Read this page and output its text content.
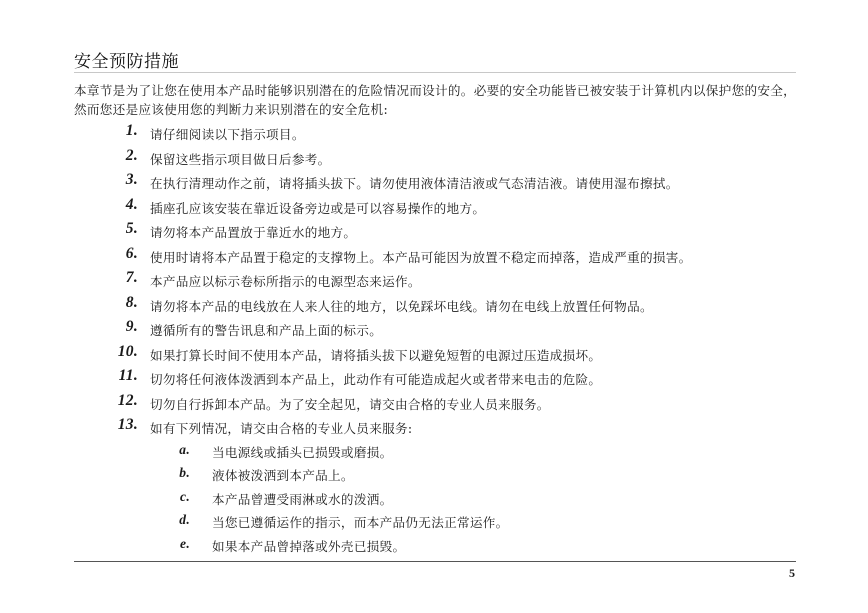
安全预防措施
本章节是为了让您在使用本产品时能够识别潜在的危险情况而设计的。必要的安全功能皆已被安装于计算机内以保护您的安全，然而您还是应该使用您的判断力来识别潜在的安全危机:
1. 请仔细阅读以下指示项目。
2. 保留这些指示项目做日后参考。
3. 在执行清理动作之前，请将插头拔下。请勿使用液体清洁液或气态清洁液。请使用湿布擦拭。
4. 插座孔应该安装在靠近设备旁边或是可以容易操作的地方。
5. 请勿将本产品置放于靠近水的地方。
6. 使用时请将本产品置于稳定的支撑物上。本产品可能因为放置不稳定而掉落，造成严重的损害。
7. 本产品应以标示卷标所指示的电源型态来运作。
8. 请勿将本产品的电线放在人来人往的地方，以免踩坏电线。请勿在电线上放置任何物品。
9. 遵循所有的警告讯息和产品上面的标示。
10. 如果打算长时间不使用本产品，请将插头拔下以避免短暂的电源过压造成损坏。
11. 切勿将任何液体泼洒到本产品上，此动作有可能造成起火或者带来电击的危险。
12. 切勿自行拆卸本产品。为了安全起见，请交由合格的专业人员来服务。
13. 如有下列情况，请交由合格的专业人员来服务:
a. 当电源线或插头已损毁或磨损。
b. 液体被泼洒到本产品上。
c. 本产品曾遭受雨淋或水的泼洒。
d. 当您已遵循运作的指示，而本产品仍无法正常运作。
e. 如果本产品曾掉落或外壳已损毁。
5
